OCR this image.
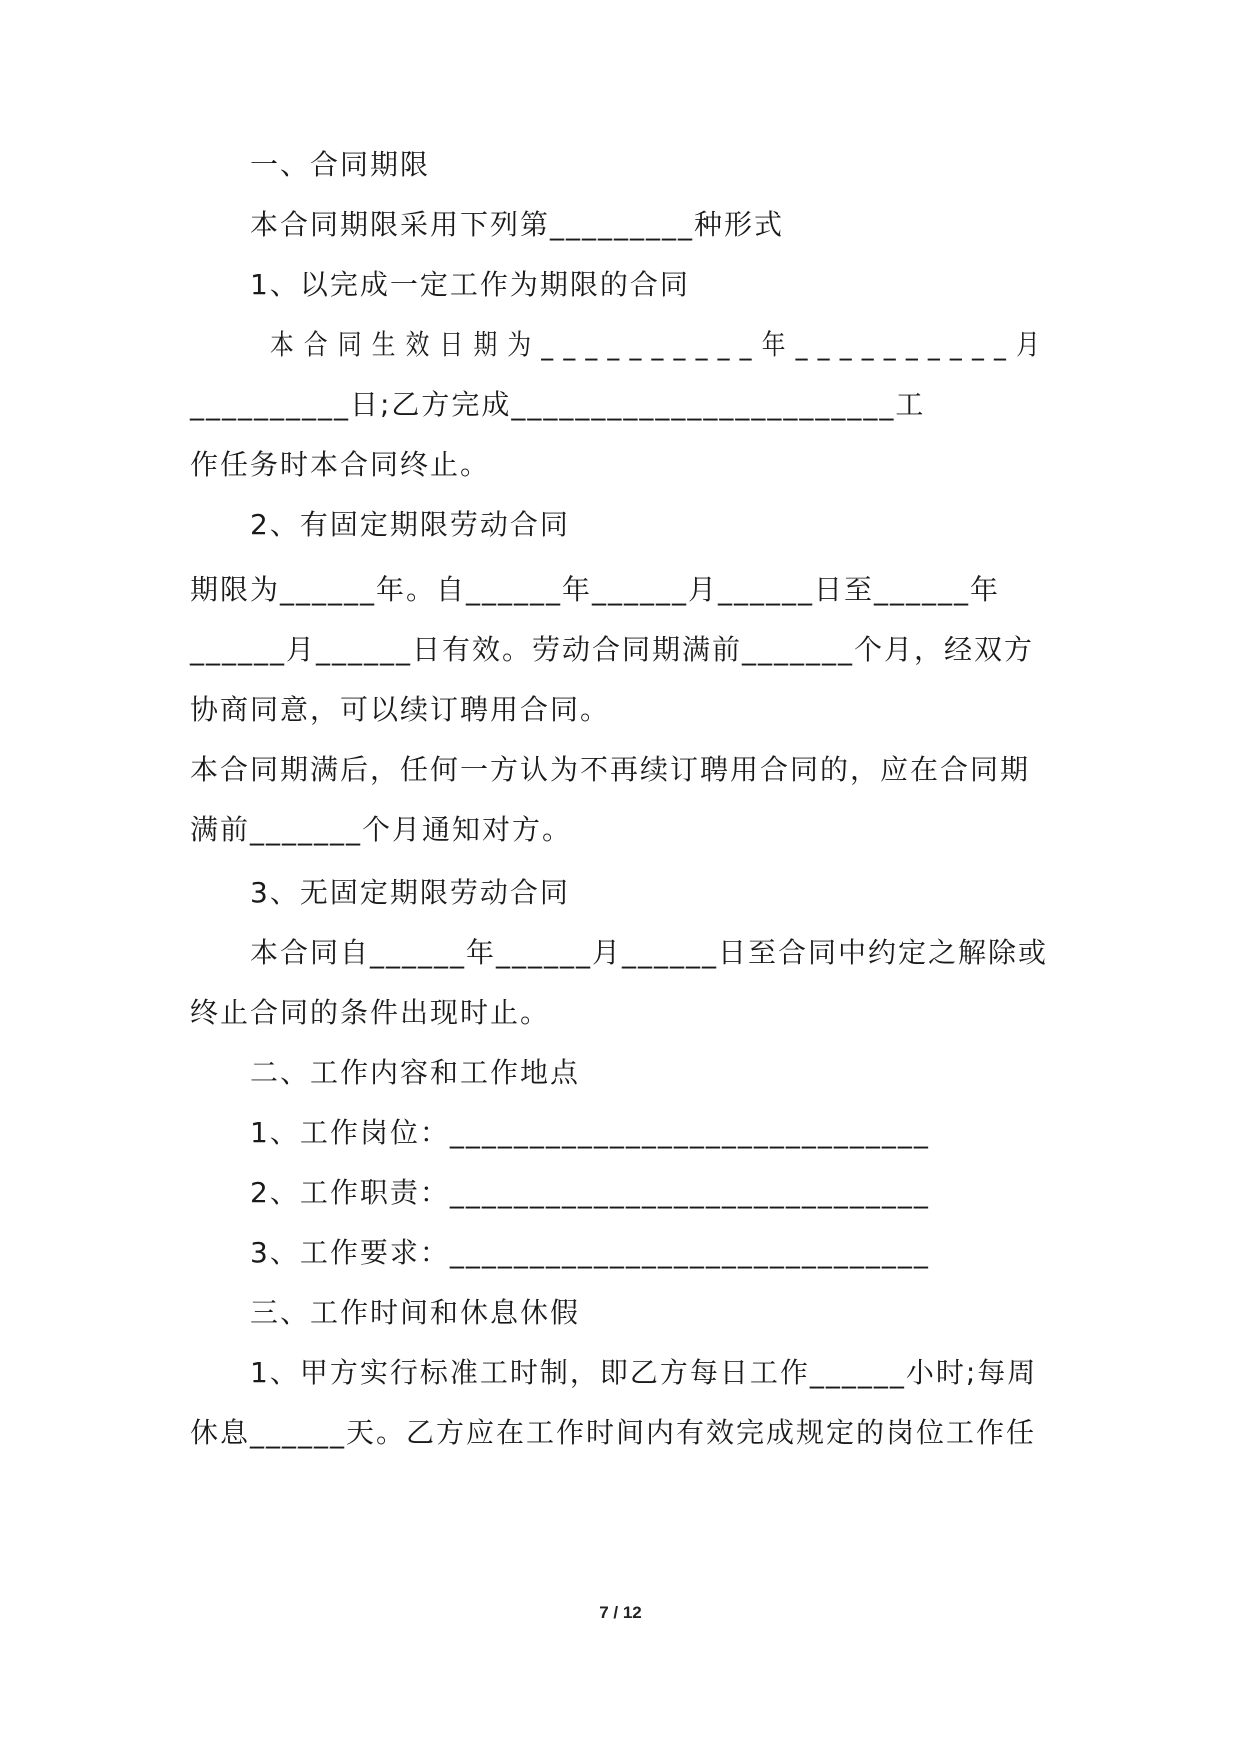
一、合同期限
本合同期限采用下列第_________种形式
1、以完成一定工作为期限的合同
本合同生效日期为__________年__________月
__________日;乙方完成________________________工
作任务时本合同终止。
2、有固定期限劳动合同
期限为______年。自______年______月______日至______年
______月______日有效。劳动合同期满前_______个月，经双方
协商同意，可以续订聘用合同。
本合同期满后，任何一方认为不再续订聘用合同的，应在合同期
满前_______个月通知对方。
3、无固定期限劳动合同
本合同自______年______月______日至合同中约定之解除或
终止合同的条件出现时止。
二、工作内容和工作地点
1、工作岗位：______________________________
2、工作职责：______________________________
3、工作要求：______________________________
三、工作时间和休息休假
1、甲方实行标准工时制，即乙方每日工作______小时;每周
休息______天。乙方应在工作时间内有效完成规定的岗位工作任
7 / 12
